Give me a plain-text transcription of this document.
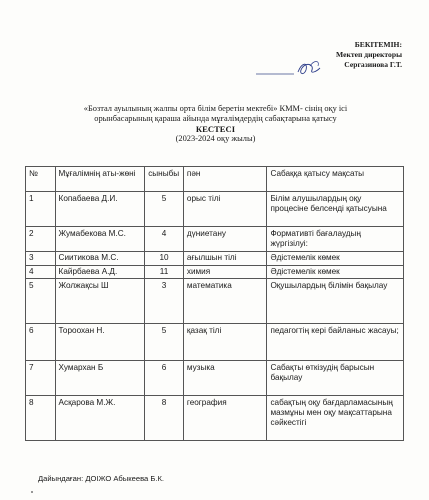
БЕКІТЕМІН:
Мектеп директоры
Сергазинова Г.Т.
«Бозтал ауылының жалпы орта білім беретін мектебі» КММ- сінің оқу ісі
орынбасарының қараша айында мұғалімдердің сабақтарына қатысу
КЕСТЕСІ
(2023-2024 оқу жылы)
№	Мұғалімнің аты-жөні	сыныбы	пән	Сабаққа қатысу мақсаты
1	Копабаева Д.И.	5	орыс тілі	Білім алушылардың оқу процесіне белсенді қатысуына
2	Жумабекова М.С.	4	дүниетану	Формативті бағалаудың жүргізілуі:
3	Сиитикова М.С.	10	ағылшын тілі	Әдістемелік көмек
4	Кайрбаева А.Д.	11	химия	Әдістемелік көмек
5	Жолжақсы Ш	3	математика	Оқушылардың білімін бақылау
6	Тороохан Н.	5	қазақ тілі	педагогтің кері байланыс жасауы;
7	Хумархан Б	6	музыка	Сабақты өткізудің барысын бақылау
8	Асқарова М.Ж.	8	география	сабақтың оқу бағдарламасының мазмұны мен оқу мақсаттарына сәйкестігі
Дайындаған: ДОІЖО Абыкеева Б.К.
